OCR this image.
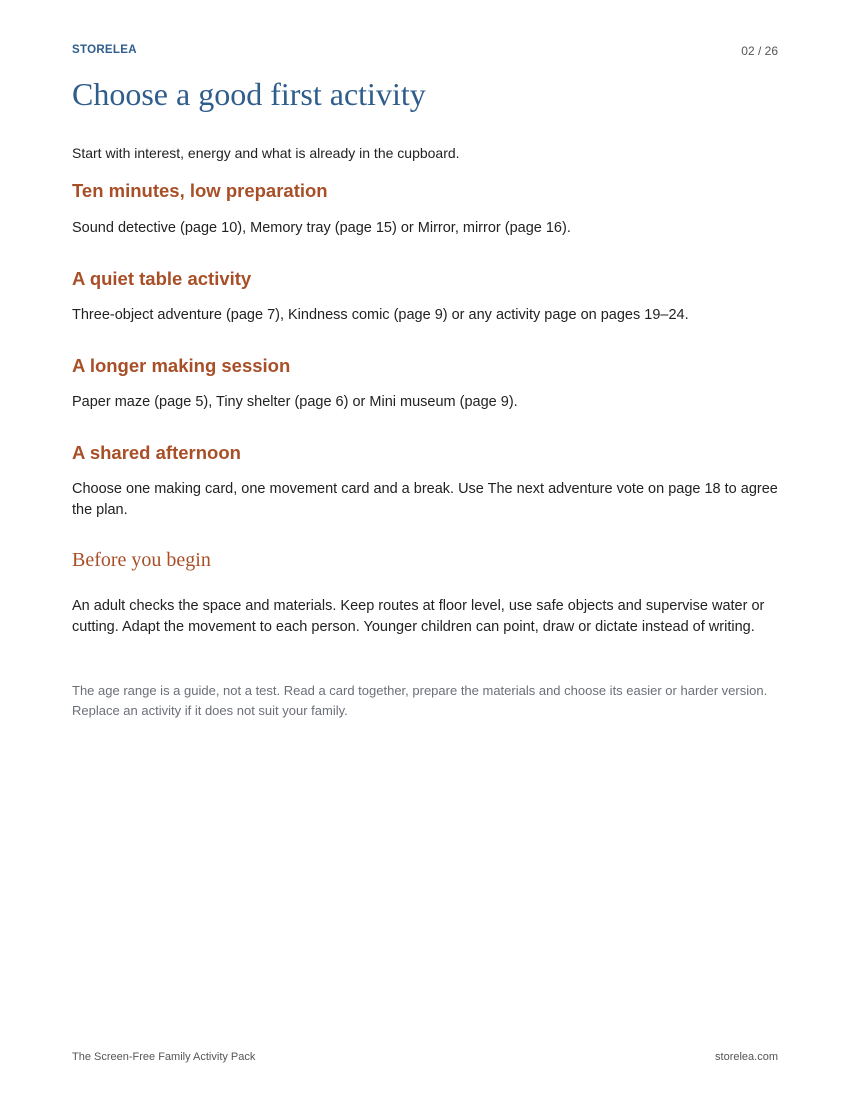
STORELEA	02 / 26
Choose a good first activity
Start with interest, energy and what is already in the cupboard.
Ten minutes, low preparation
Sound detective (page 10), Memory tray (page 15) or Mirror, mirror (page 16).
A quiet table activity
Three-object adventure (page 7), Kindness comic (page 9) or any activity page on pages 19–24.
A longer making session
Paper maze (page 5), Tiny shelter (page 6) or Mini museum (page 9).
A shared afternoon
Choose one making card, one movement card and a break. Use The next adventure vote on page 18 to agree the plan.
Before you begin
An adult checks the space and materials. Keep routes at floor level, use safe objects and supervise water or cutting. Adapt the movement to each person. Younger children can point, draw or dictate instead of writing.
The age range is a guide, not a test. Read a card together, prepare the materials and choose its easier or harder version. Replace an activity if it does not suit your family.
The Screen-Free Family Activity Pack	storelea.com
